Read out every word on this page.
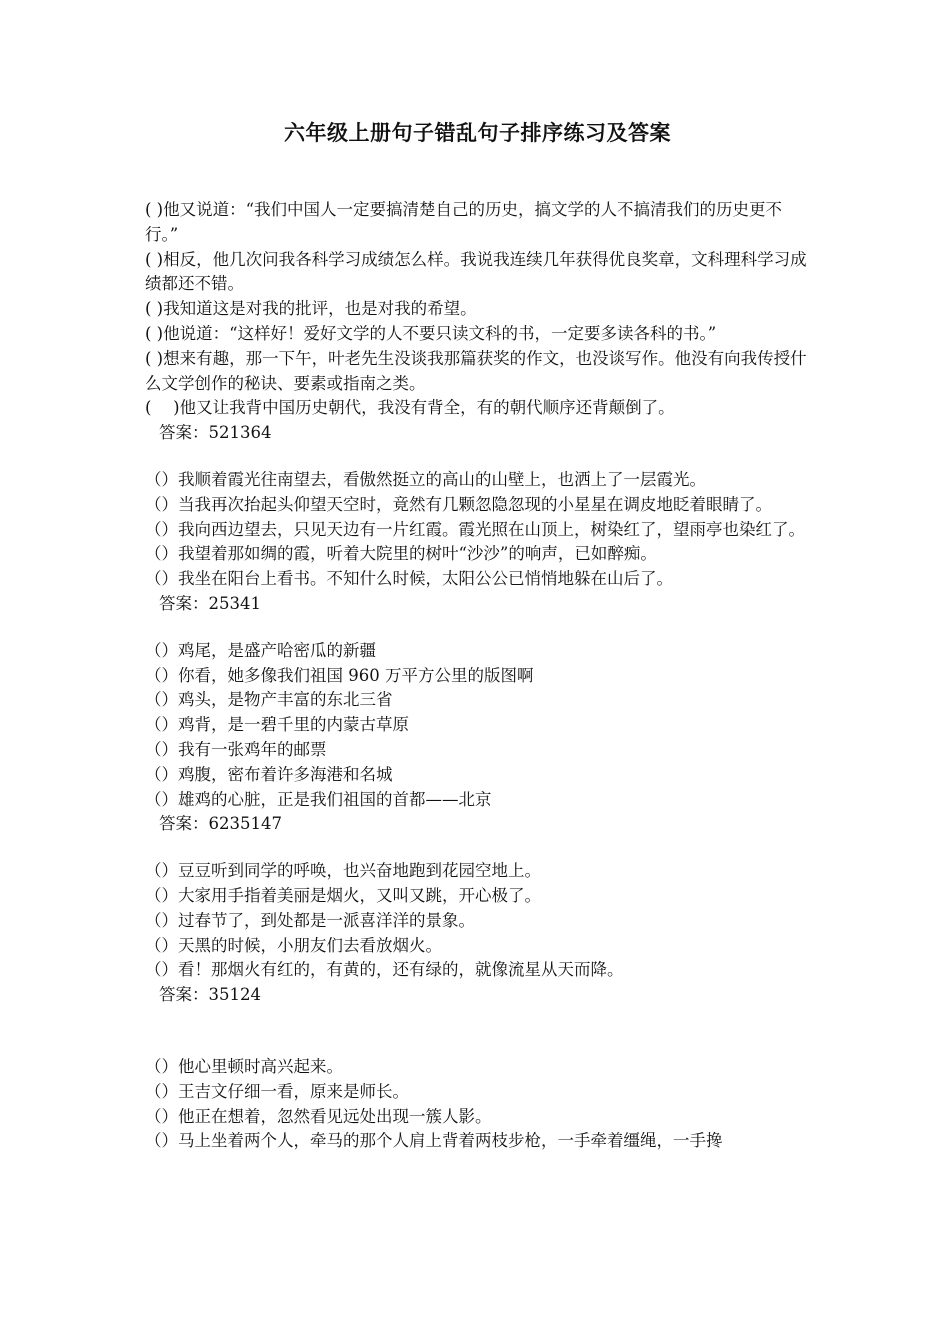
六年级上册句子错乱句子排序练习及答案

( )他又说道：“我们中国人一定要搞清楚自己的历史，搞文学的人不搞清我们的历史更不行。”

( )相反，他几次问我各科学习成绩怎么样。我说我连续几年获得优良奖章，文科理科学习成绩都还不错。

( )我知道这是对我的批评，也是对我的希望。

( )他说道：“这样好！爱好文学的人不要只读文科的书，一定要多读各科的书。”

( )想来有趣，那一下午，叶老先生没谈我那篇获奖的作文，也没谈写作。他没有向我传授什么文学创作的秘诀、要素或指南之类。

(　 )他又让我背中国历史朝代，我没有背全，有的朝代顺序还背颠倒了。

答案：521364

（）我顺着霞光往南望去，看傲然挺立的高山的山壁上，也洒上了一层霞光。

（）当我再次抬起头仰望天空时，竟然有几颗忽隐忽现的小星星在调皮地眨着眼睛了。

（）我向西边望去，只见天边有一片红霞。霞光照在山顶上，树染红了，望雨亭也染红了。

（）我望着那如绸的霞，听着大院里的树叶“沙沙”的响声，已如醉痴。

（）我坐在阳台上看书。不知什么时候，太阳公公已悄悄地躲在山后了。

答案：25341

（）鸡尾，是盛产哈密瓜的新疆

（）你看，她多像我们祖国 960 万平方公里的版图啊

（）鸡头，是物产丰富的东北三省

（）鸡背，是一碧千里的内蒙古草原

（）我有一张鸡年的邮票

（）鸡腹，密布着许多海港和名城

（）雄鸡的心脏，正是我们祖国的首都——北京

答案：6235147

（）豆豆听到同学的呼唤，也兴奋地跑到花园空地上。

（）大家用手指着美丽是烟火，又叫又跳，开心极了。

（）过春节了，到处都是一派喜洋洋的景象。

（）天黑的时候，小朋友们去看放烟火。

（）看！那烟火有红的，有黄的，还有绿的，就像流星从天而降。

答案：35124

（）他心里顿时高兴起来。

（）王吉文仔细一看，原来是师长。

（）他正在想着，忽然看见远处出现一簇人影。

（）马上坐着两个人，牵马的那个人肩上背着两枝步枪，一手牵着缰绳，一手搀
